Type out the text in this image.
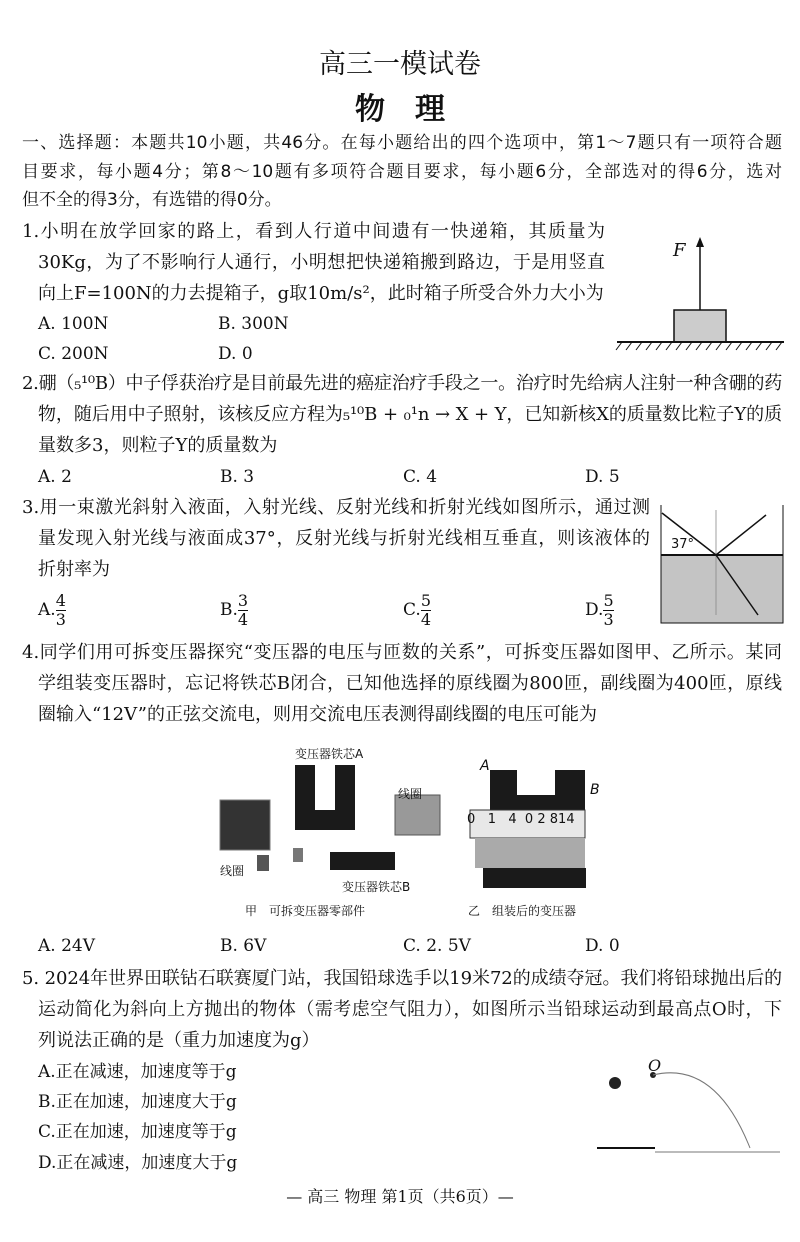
高三一模试卷
物　理
一、选择题：本题共10小题，共46分。在每小题给出的四个选项中，第1～7题只有一项符合题
目要求，每小题4分；第8～10题有多项符合题目要求，每小题6分，全部选对的得6分，选对
但不全的得3分，有选错的得0分。
1.小明在放学回家的路上，看到人行道中间遗有一快递箱，其质量为
30Kg，为了不影响行人通行，小明想把快递箱搬到路边，于是用竖直
向上F=100N的力去提箱子，g取10m/s²，此时箱子所受合外力大小为
A. 100N	B. 300N
C. 200N	D. 0
F
2.硼（₅¹⁰B）中子俘获治疗是目前最先进的癌症治疗手段之一。治疗时先给病人注射一种含硼的药
物，随后用中子照射，该核反应方程为₅¹⁰B + ₀¹n → X + Y，已知新核X的质量数比粒子Y的质
量数多3，则粒子Y的质量数为
A. 2	B. 3	C. 4	D. 5
3.用一束激光斜射入液面，入射光线、反射光线和折射光线如图所示，通过测
量发现入射光线与液面成37°，反射光线与折射光线相互垂直，则该液体的
折射率为
A. $\frac{4}{3}$	B. $\frac{3}{4}$	C. $\frac{5}{4}$	D. $\frac{5}{3}$
37°
4.同学们用可拆变压器探究“变压器的电压与匝数的关系”，可拆变压器如图甲、乙所示。某同
学组装变压器时，忘记将铁芯B闭合，已知他选择的原线圈为800匝，副线圈为400匝，原线
圈输入“12V”的正弦交流电，则用交流电压表测得副线圈的电压可能为
变压器铁芯A
线圈
线圈
变压器铁芯B
甲　可拆变压器零部件	乙　组装后的变压器
A
B
0 1 4 0 2 814
A. 24V	B. 6V	C. 2. 5V	D. 0
5. 2024年世界田联钻石联赛厦门站，我国铅球选手以19米72的成绩夺冠。我们将铅球抛出后的
运动简化为斜向上方抛出的物体（需考虑空气阻力），如图所示当铅球运动到最高点O时，下
列说法正确的是（重力加速度为g）
A.正在减速，加速度等于g
B.正在加速，加速度大于g
C.正在加速，加速度等于g
D.正在减速，加速度大于g
O
— 高三 物理 第1页（共6页）—
